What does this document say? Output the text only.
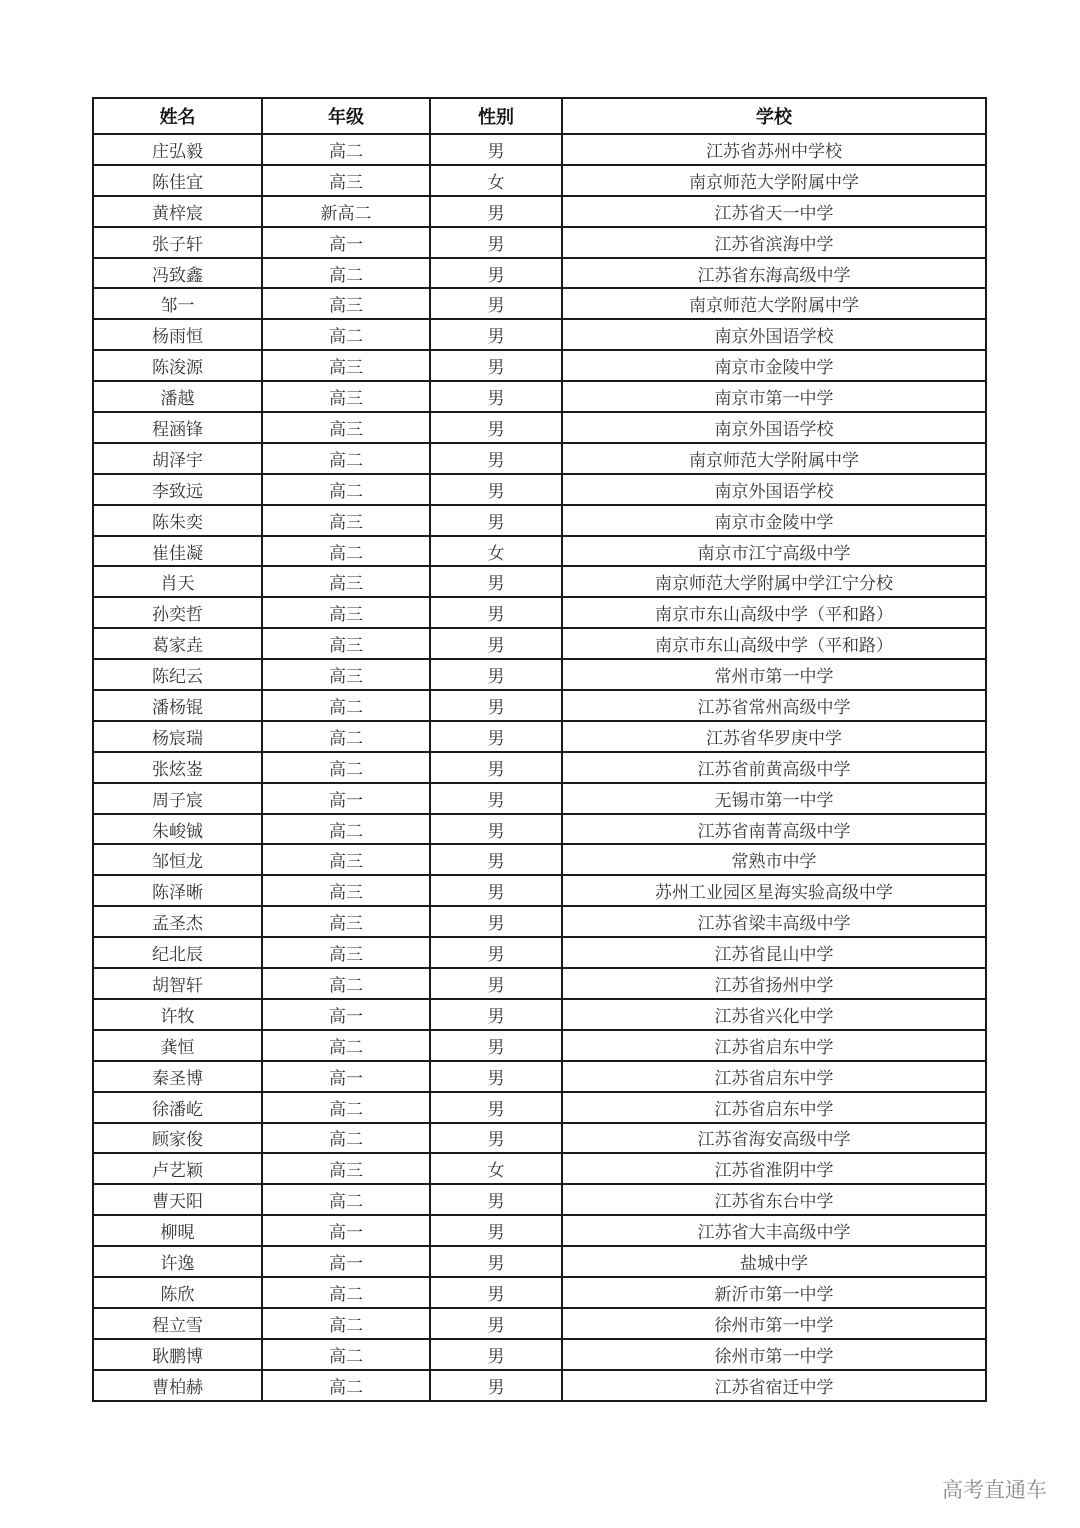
姓名	年级	性别	学校
庄弘毅	高二	男	江苏省苏州中学校
陈佳宜	高三	女	南京师范大学附属中学
黄梓宸	新高二	男	江苏省天一中学
张子轩	高一	男	江苏省滨海中学
冯致鑫	高二	男	江苏省东海高级中学
邹一	高三	男	南京师范大学附属中学
杨雨恒	高二	男	南京外国语学校
陈浚源	高三	男	南京市金陵中学
潘越	高三	男	南京市第一中学
程涵锋	高三	男	南京外国语学校
胡泽宇	高二	男	南京师范大学附属中学
李致远	高二	男	南京外国语学校
陈朱奕	高三	男	南京市金陵中学
崔佳凝	高二	女	南京市江宁高级中学
肖天	高三	男	南京师范大学附属中学江宁分校
孙奕哲	高三	男	南京市东山高级中学（平和路）
葛家垚	高三	男	南京市东山高级中学（平和路）
陈纪云	高三	男	常州市第一中学
潘杨锟	高二	男	江苏省常州高级中学
杨宸瑞	高二	男	江苏省华罗庚中学
张炫崟	高二	男	江苏省前黄高级中学
周子宸	高一	男	无锡市第一中学
朱峻铖	高二	男	江苏省南菁高级中学
邹恒龙	高三	男	常熟市中学
陈泽晰	高三	男	苏州工业园区星海实验高级中学
孟圣杰	高三	男	江苏省梁丰高级中学
纪北辰	高三	男	江苏省昆山中学
胡智轩	高二	男	江苏省扬州中学
许牧	高一	男	江苏省兴化中学
龚恒	高二	男	江苏省启东中学
秦圣博	高一	男	江苏省启东中学
徐潘屹	高二	男	江苏省启东中学
顾家俊	高二	男	江苏省海安高级中学
卢艺颖	高三	女	江苏省淮阴中学
曹天阳	高二	男	江苏省东台中学
柳晛	高一	男	江苏省大丰高级中学
许逸	高一	男	盐城中学
陈欣	高二	男	新沂市第一中学
程立雪	高二	男	徐州市第一中学
耿鹏博	高二	男	徐州市第一中学
曹柏赫	高二	男	江苏省宿迁中学
高考直通车
